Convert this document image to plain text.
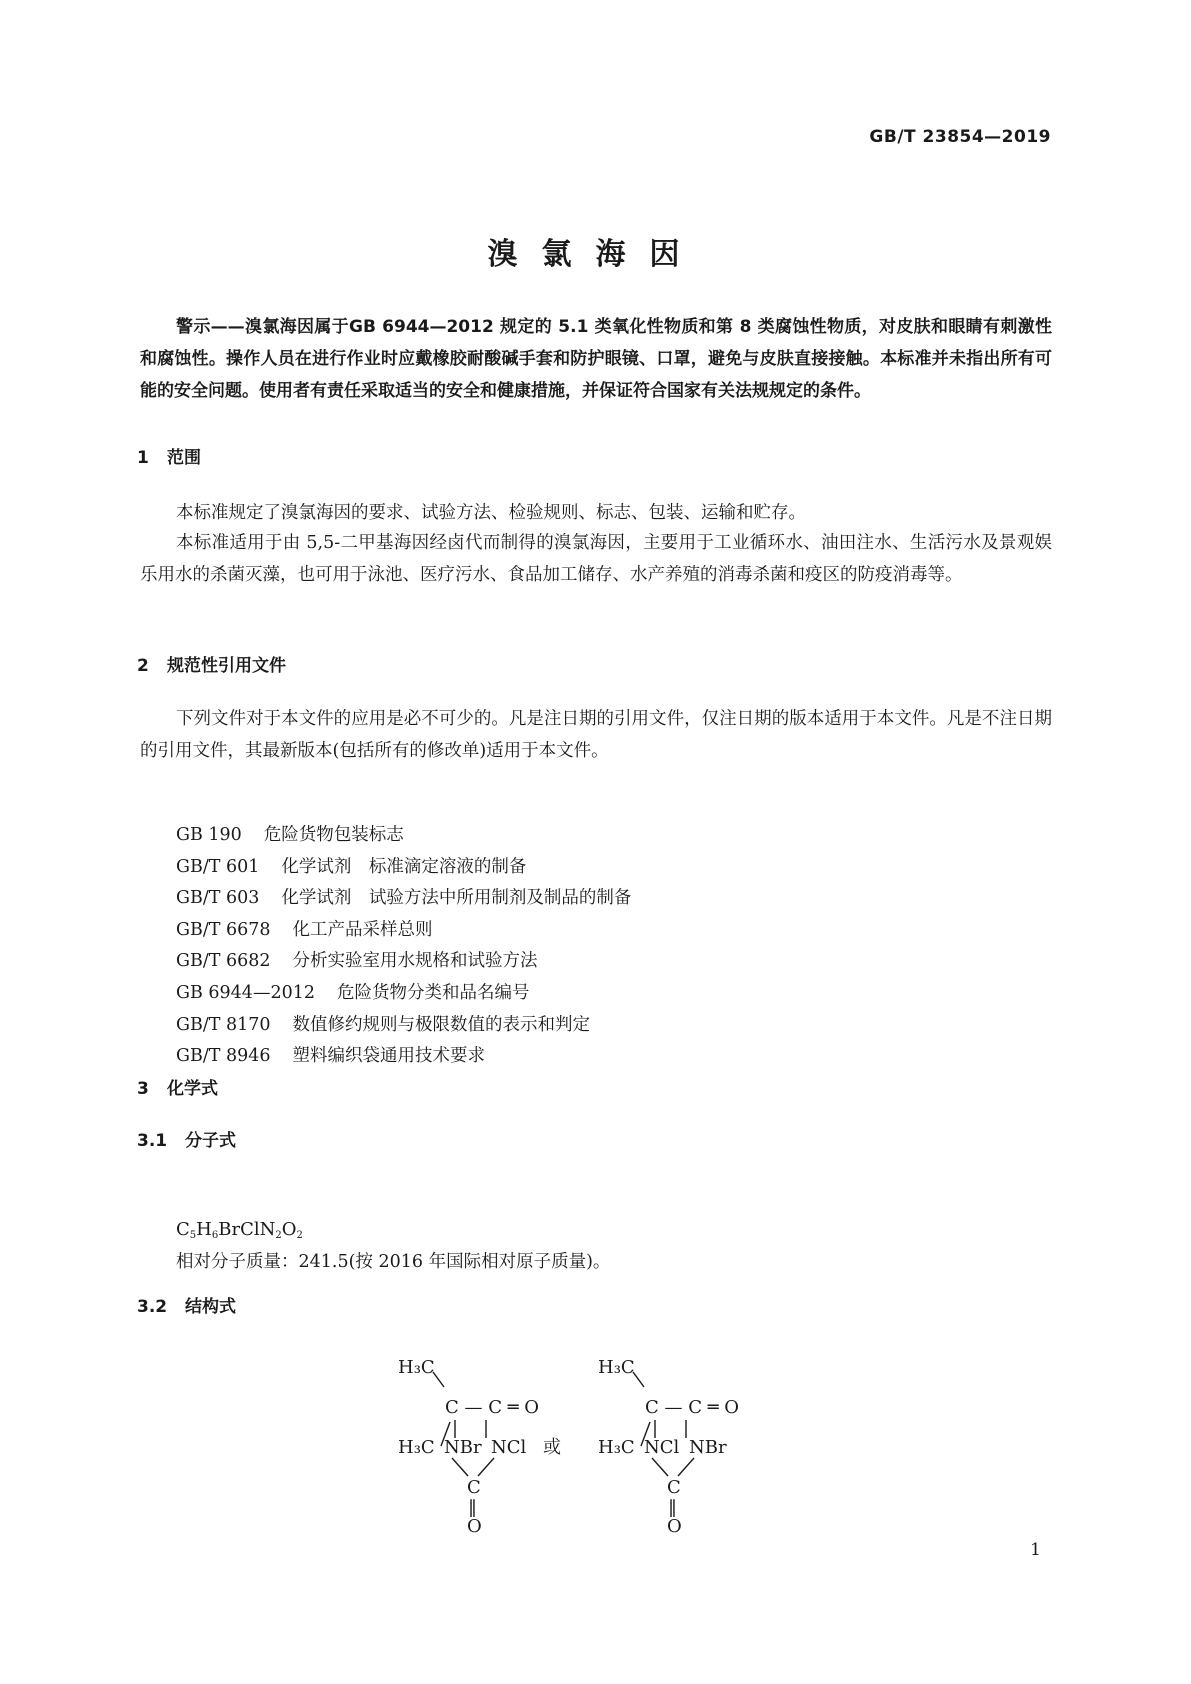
GB/T 23854—2019
溴氯海因

警示——溴氯海因属于GB 6944—2012 规定的 5.1 类氧化性物质和第 8 类腐蚀性物质，对皮肤和眼睛有刺激性和腐蚀性。操作人员在进行作业时应戴橡胶耐酸碱手套和防护眼镜、口罩，避免与皮肤直接接触。本标准并未指出所有可能的安全问题。使用者有责任采取适当的安全和健康措施，并保证符合国家有关法规规定的条件。

1 范围

本标准规定了溴氯海因的要求、试验方法、检验规则、标志、包装、运输和贮存。

本标准适用于由 5,5-二甲基海因经卤代而制得的溴氯海因，主要用于工业循环水、油田注水、生活污水及景观娱乐用水的杀菌灭藻，也可用于泳池、医疗污水、食品加工储存、水产养殖的消毒杀菌和疫区的防疫消毒等。

2 规范性引用文件

下列文件对于本文件的应用是必不可少的。凡是注日期的引用文件，仅注日期的版本适用于本文件。凡是不注日期的引用文件，其最新版本(包括所有的修改单)适用于本文件。

GB 190 危险货物包装标志
GB/T 601 化学试剂　标准滴定溶液的制备
GB/T 603 化学试剂　试验方法中所用制剂及制品的制备
GB/T 6678 化工产品采样总则
GB/T 6682 分析实验室用水规格和试验方法
GB 6944—2012 危险货物分类和品名编号
GB/T 8170 数值修约规则与极限数值的表示和判定
GB/T 8946 塑料编织袋通用技术要求
3 化学式
3.1 分子式
$C_5H_6BrClN_2O_2$
相对分子质量：241.5(按 2016 年国际相对原子质量)。
3.2 结构式
H₃C
C — C ═ O
H₃C NBr NCl
C
‖
O
或
H₃C
C — C ═ O
H₃C NCl NBr
C
‖
O
1
